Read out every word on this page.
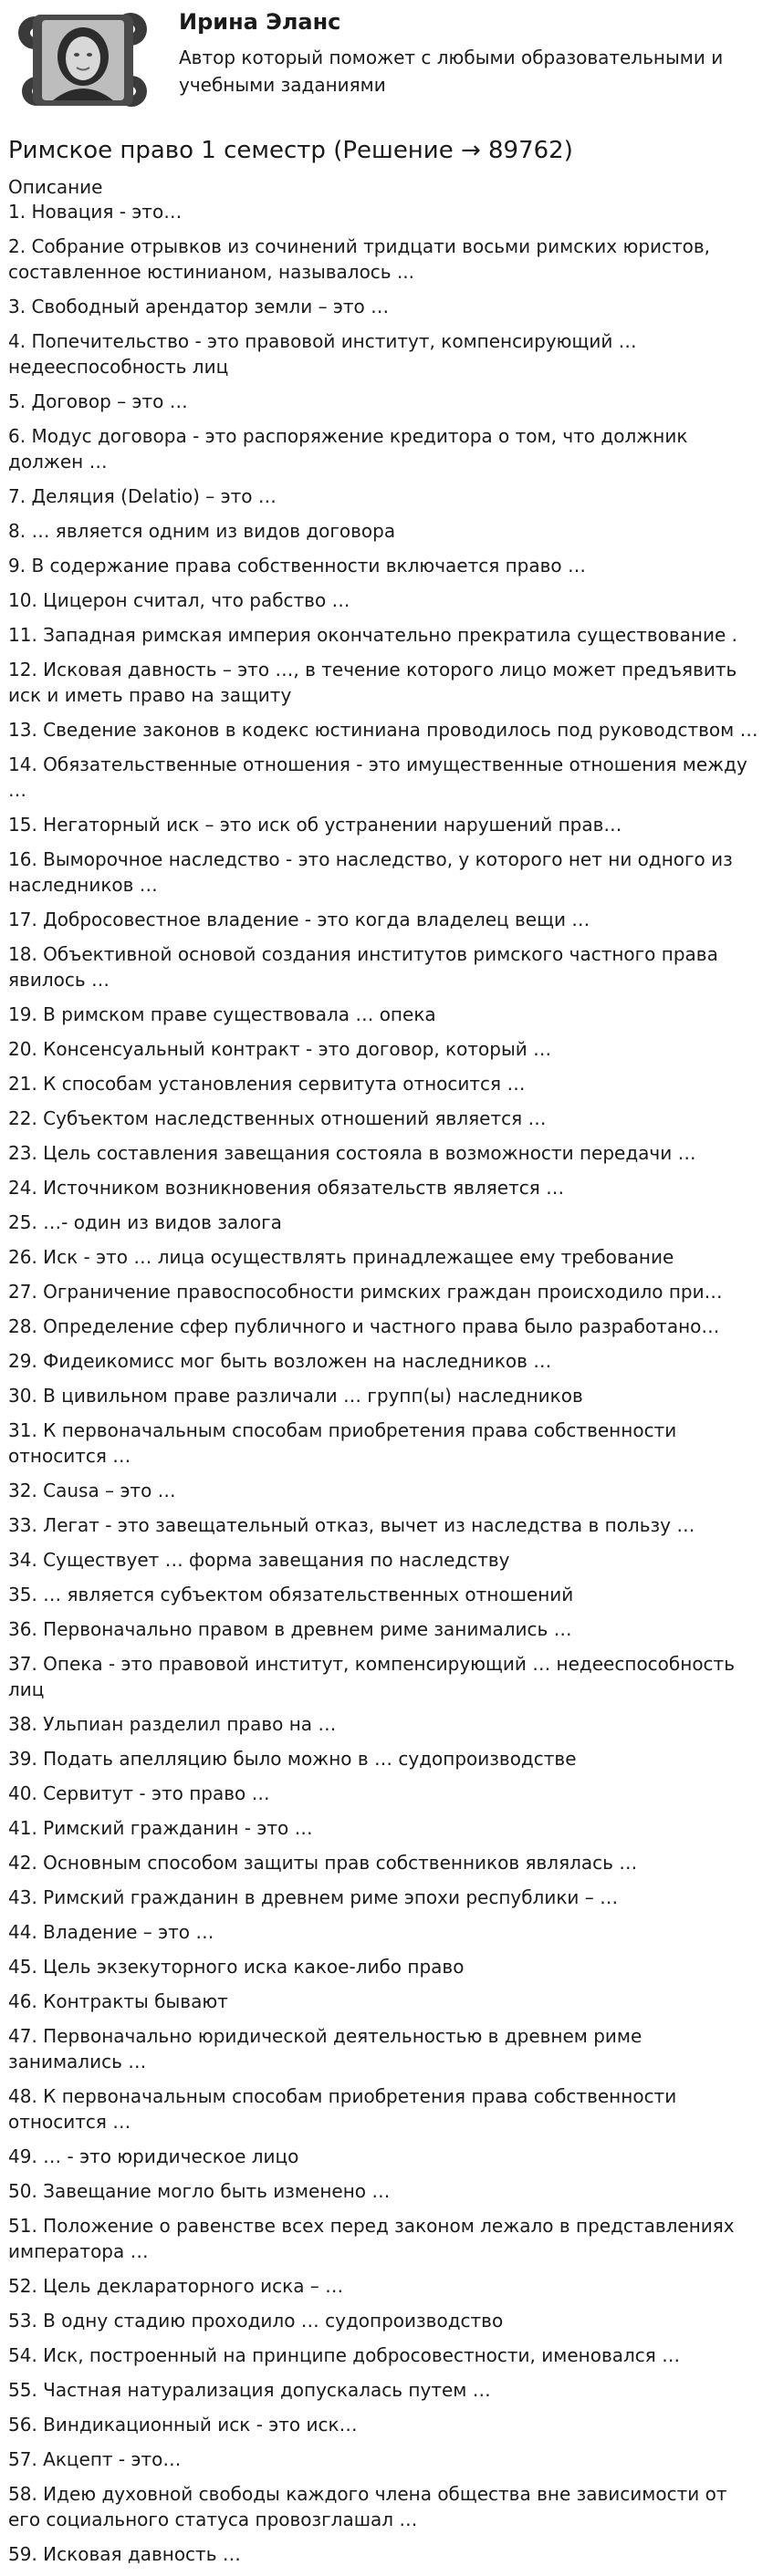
Ирина Эланс
Автор который поможет с любыми образовательными и учебными заданиями
Римское право 1 семестр (Решение → 89762)
Описание
1. Новация - это…
2. Собрание отрывков из сочинений тридцати восьми римских юристов, составленное юстинианом, называлось ...
3. Свободный арендатор земли – это …
4. Попечительство - это правовой институт, компенсирующий … недееспособность лиц
5. Договор – это …
6. Модус договора - это распоряжение кредитора о том, что должник должен …
7. Деляция (Delatio) – это …
8. … является одним из видов договора
9. В содержание права собственности включается право …
10. Цицерон считал, что рабство …
11. Западная римская империя окончательно прекратила существование .
12. Исковая давность – это …, в течение которого лицо может предъявить иск и иметь право на защиту
13. Сведение законов в кодекс юстиниана проводилось под руководством …
14. Обязательственные отношения - это имущественные отношения между …
15. Негаторный иск – это иск об устранении нарушений прав…
16. Выморочное наследство - это наследство, у которого нет ни одного из наследников …
17. Добросовестное владение - это когда владелец вещи …
18. Объективной основой создания институтов римского частного права явилось …
19. В римском праве существовала … опека
20. Консенсуальный контракт - это договор, который …
21. К способам установления сервитута относится …
22. Субъектом наследственных отношений является …
23. Цель составления завещания состояла в возможности передачи …
24. Источником возникновения обязательств является …
25. …- один из видов залога
26. Иск - это … лица осуществлять принадлежащее ему требование
27. Ограничение правоспособности римских граждан происходило при…
28. Определение сфер публичного и частного права было разработано…
29. Фидеикомисс мог быть возложен на наследников …
30. В цивильном праве различали … групп(ы) наследников
31. К первоначальным способам приобретения права собственности относится …
32. Causa – это …
33. Легат - это завещательный отказ, вычет из наследства в пользу …
34. Существует … форма завещания по наследству
35. … является субъектом обязательственных отношений
36. Первоначально правом в древнем риме занимались …
37. Опека - это правовой институт, компенсирующий … недееспособность лиц
38. Ульпиан разделил право на …
39. Подать апелляцию было можно в … судопроизводстве
40. Сервитут - это право …
41. Римский гражданин - это …
42. Основным способом защиты прав собственников являлась …
43. Римский гражданин в древнем риме эпохи республики – …
44. Владение – это …
45. Цель экзекуторного иска какое-либо право
46. Контракты бывают
47. Первоначально юридической деятельностью в древнем риме занимались …
48. К первоначальным способам приобретения права собственности относится …
49. … - это юридическое лицо
50. Завещание могло быть изменено …
51. Положение о равенстве всех перед законом лежало в представлениях императора …
52. Цель деклараторного иска – …
53. В одну стадию проходило … судопроизводство
54. Иск, построенный на принципе добросовестности, именовался …
55. Частная натурализация допускалась путем …
56. Виндикационный иск - это иск…
57. Акцепт - это…
58. Идею духовной свободы каждого члена общества вне зависимости от его социального статуса провозглашал …
59. Исковая давность …
